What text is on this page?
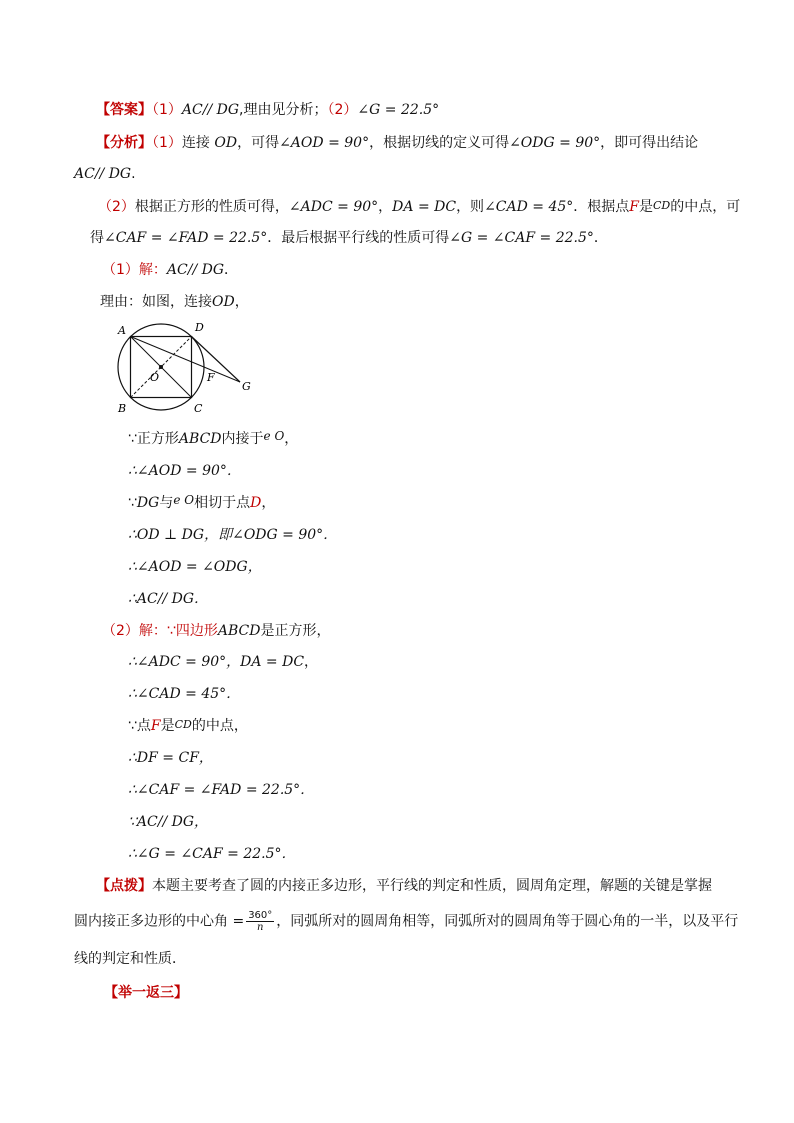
【答案】（1）AC// DG,理由见分析；（2）∠G = 22.5°
【分析】（1）连接 OD，可得∠AOD = 90°，根据切线的定义可得∠ODG = 90°，即可得出结论
AC// DG.
（2）根据正方形的性质可得，∠ADC = 90°，DA = DC，则∠CAD = 45°．根据点F是CD的中点，可
得∠CAF = ∠FAD = 22.5°．最后根据平行线的性质可得∠G = ∠CAF = 22.5°．
（1）解：AC// DG．
理由：如图，连接OD，
A	D
O	F
G
B	C
∵正方形ABCD内接于e O，
∴∠AOD = 90°．
∵DG与e O相切于点D，
∴OD ⊥ DG，即∠ODG = 90°．
∴∠AOD = ∠ODG，
∴AC// DG．
（2）解：∵四边形ABCD是正方形，
∴∠ADC = 90°，DA = DC，
∴∠CAD = 45°．
∵点F是CD的中点，
∴DF = CF，
∴∠CAF = ∠FAD = 22.5°．
∵AC// DG，
∴∠G = ∠CAF = 22.5°．
【点拨】本题主要考查了圆的内接正多边形，平行线的判定和性质，圆周角定理，解题的关键是掌握
圆内接正多边形的中心角 = $\frac{360^\circ}{n}$ ，同弧所对的圆周角相等，同弧所对的圆周角等于圆心角的一半，以及平行
线的判定和性质．
【举一返三】
